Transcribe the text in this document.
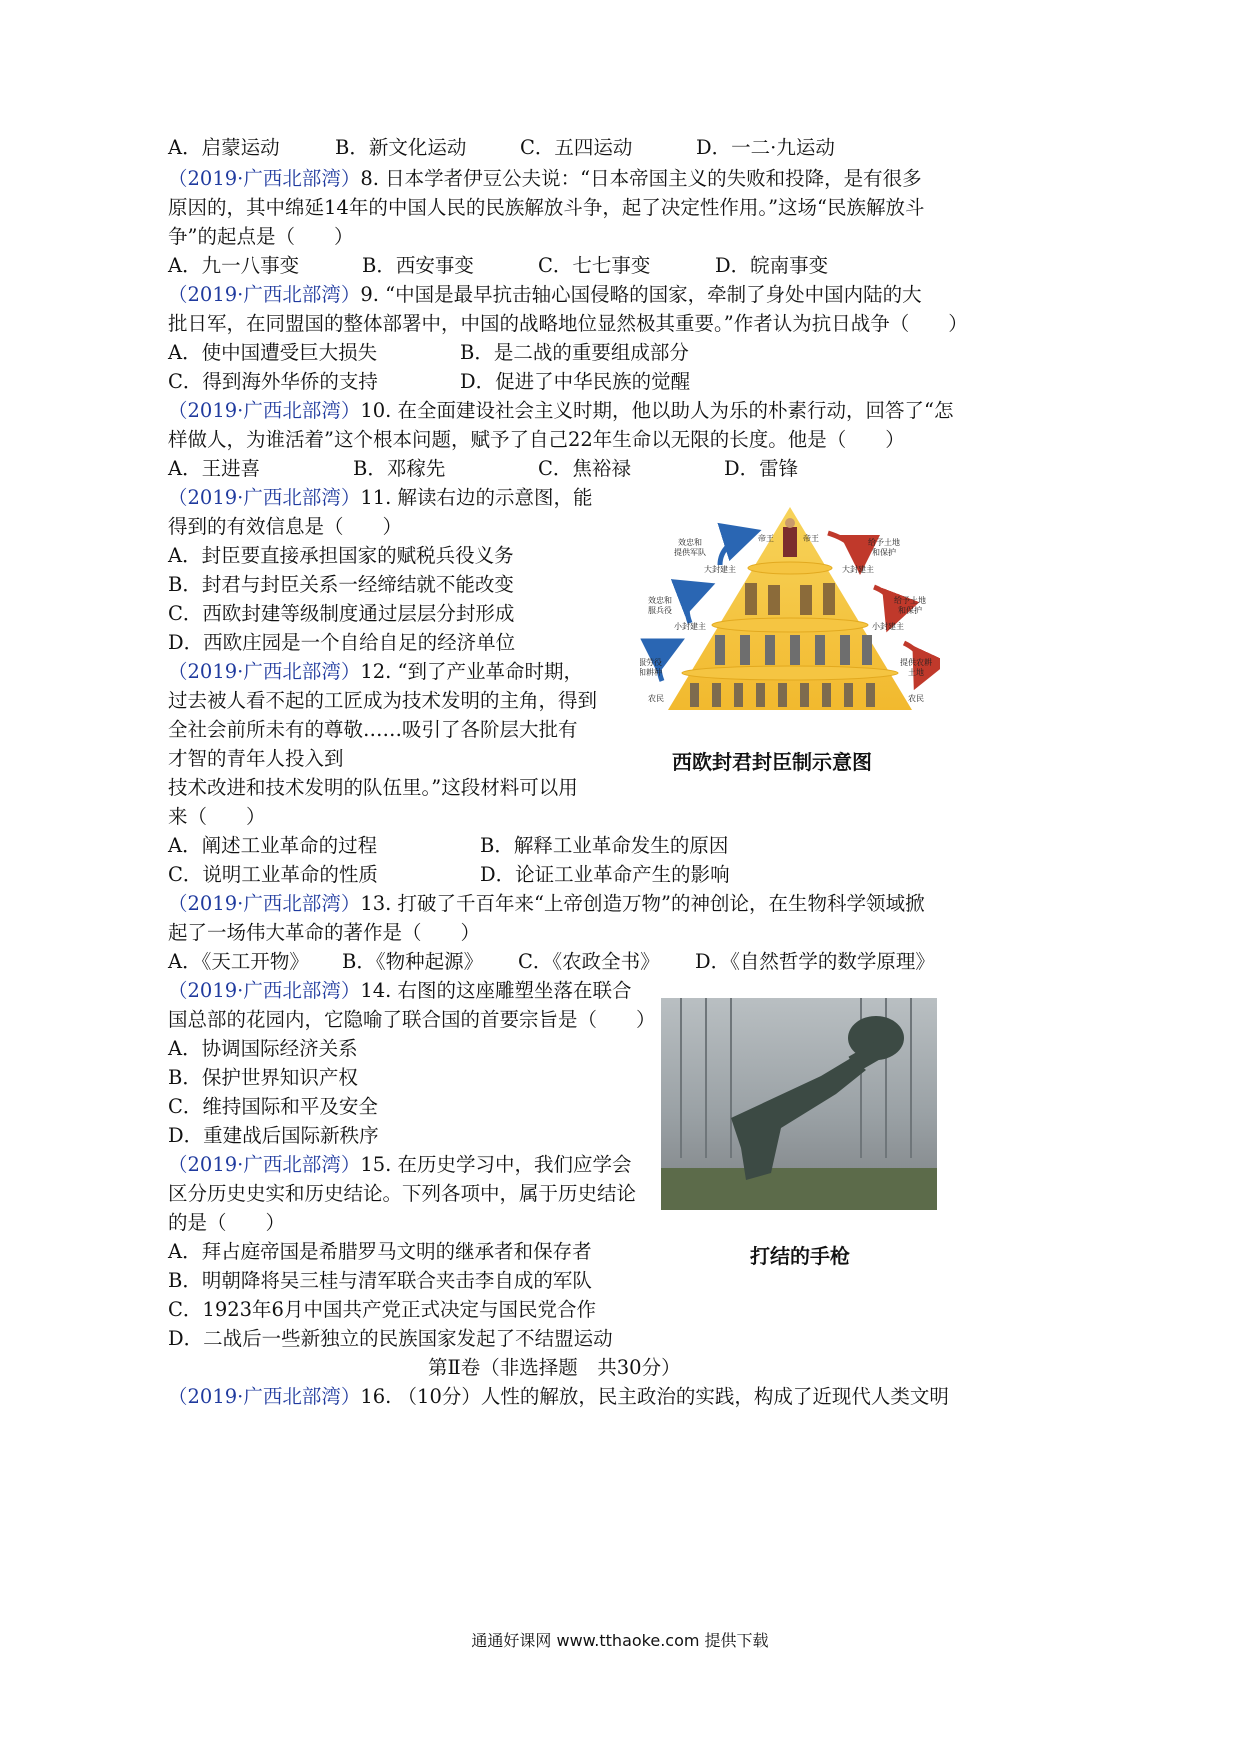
A．启蒙运动	B．新文化运动	C．五四运动	D．一二·九运动
（2019·广西北部湾）8. 日本学者伊豆公夫说：“日本帝国主义的失败和投降，是有很多
原因的，其中绵延14年的中国人民的民族解放斗争，起了决定性作用。”这场“民族解放斗
争”的起点是（　　）
A．九一八事变	B．西安事变	C．七七事变	D．皖南事变
（2019·广西北部湾）9. “中国是最早抗击轴心国侵略的国家，牵制了身处中国内陆的大
批日军，在同盟国的整体部署中，中国的战略地位显然极其重要。”作者认为抗日战争（　　）
A．使中国遭受巨大损失	B．是二战的重要组成部分
C．得到海外华侨的支持	D．促进了中华民族的觉醒
（2019·广西北部湾）10. 在全面建设社会主义时期，他以助人为乐的朴素行动，回答了“怎
样做人，为谁活着”这个根本问题，赋予了自己22年生命以无限的长度。他是（　　）
A．王进喜	B．邓稼先	C．焦裕禄	D．雷锋
（2019·广西北部湾）11. 解读右边的示意图，能
得到的有效信息是（　　）
A．封臣要直接承担国家的赋税兵役义务
B．封君与封臣关系一经缔结就不能改变
C．西欧封建等级制度通过层层分封形成
D．西欧庄园是一个自给自足的经济单位
（2019·广西北部湾）12. “到了产业革命时期，
过去被人看不起的工匠成为技术发明的主角，得到
全社会前所未有的尊敬……吸引了各阶层大批有
才智的青年人投入到
技术改进和技术发明的队伍里。”这段材料可以用
来（　　）
A．阐述工业革命的过程	B．解释工业革命发生的原因
C．说明工业革命的性质	D．论证工业革命产生的影响
（2019·广西北部湾）13. 打破了千百年来“上帝创造万物”的神创论，在生物科学领域掀
起了一场伟大革命的著作是（　　）
A．《天工开物》 B．《物种起源》 C．《农政全书》 D．《自然哲学的数学原理》
（2019·广西北部湾）14. 右图的这座雕塑坐落在联合
国总部的花园内，它隐喻了联合国的首要宗旨是（　　）
A．协调国际经济关系
B．保护世界知识产权
C．维持国际和平及安全
D．重建战后国际新秩序
（2019·广西北部湾）15. 在历史学习中，我们应学会
区分历史史实和历史结论。下列各项中，属于历史结论
的是（　　）
A．拜占庭帝国是希腊罗马文明的继承者和保存者
B．明朝降将吴三桂与清军联合夹击李自成的军队
C．1923年6月中国共产党正式决定与国民党合作
D．二战后一些新独立的民族国家发起了不结盟运动
第Ⅱ卷（非选择题　共30分）
（2019·广西北部湾）16. （10分）人性的解放，民主政治的实践，构成了近现代人类文明
帝王	帝王
大封建主	大封建主
小封建主	小封建主
农民	农民
效忠和
提供军队
效忠和
服兵役
服劳役
和耕种
给予土地
和保护
给予土地
和保护
提供农耕
土地
西欧封君封臣制示意图
打结的手枪
通通好课网 www.tthaoke.com 提供下载
